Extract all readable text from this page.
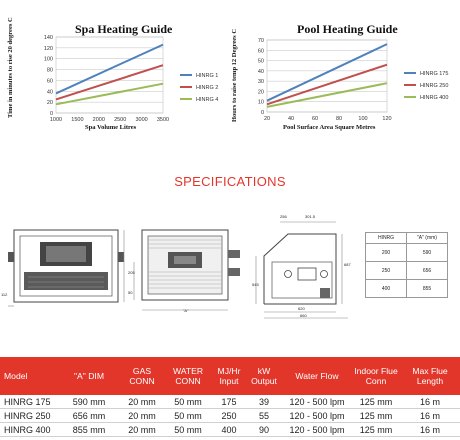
Spa Heating Guide
Time in minutes to rise 20 degrees C	0
20
40
60
80
100
120
140
1000 1500 2000 2500 3000 3500
HINRG 1
HINRG 2
HINRG 4
Spa Volume Litres
Pool Heating Guide
Hours to raise temp 12 Degrees C	0
10
20
30
40
50
60
70
20	40	60	80	100	120
HINRG 175
HINRG 250
HINRG 400
Pool Surface Area Square Metres
SPECIFICATIONS
112
"A"
205
50
256	301.5
687
545
620
660
HINRG	"A" (mm)
200	590
250	656
400	855
Model	"A" DIM	GAS CONN	WATER CONN	MJ/Hr Input	kW Output	Water Flow	Indoor Flue Conn	Max Flue Length
HINRG 175	590 mm	20 mm	50 mm	175	39	120 - 500 lpm	125 mm	16 m
HINRG 250	656 mm	20 mm	50 mm	250	55	120 - 500 lpm	125 mm	16 m
HINRG 400	855 mm	20 mm	50 mm	400	90	120 - 500 lpm	125 mm	16 m
